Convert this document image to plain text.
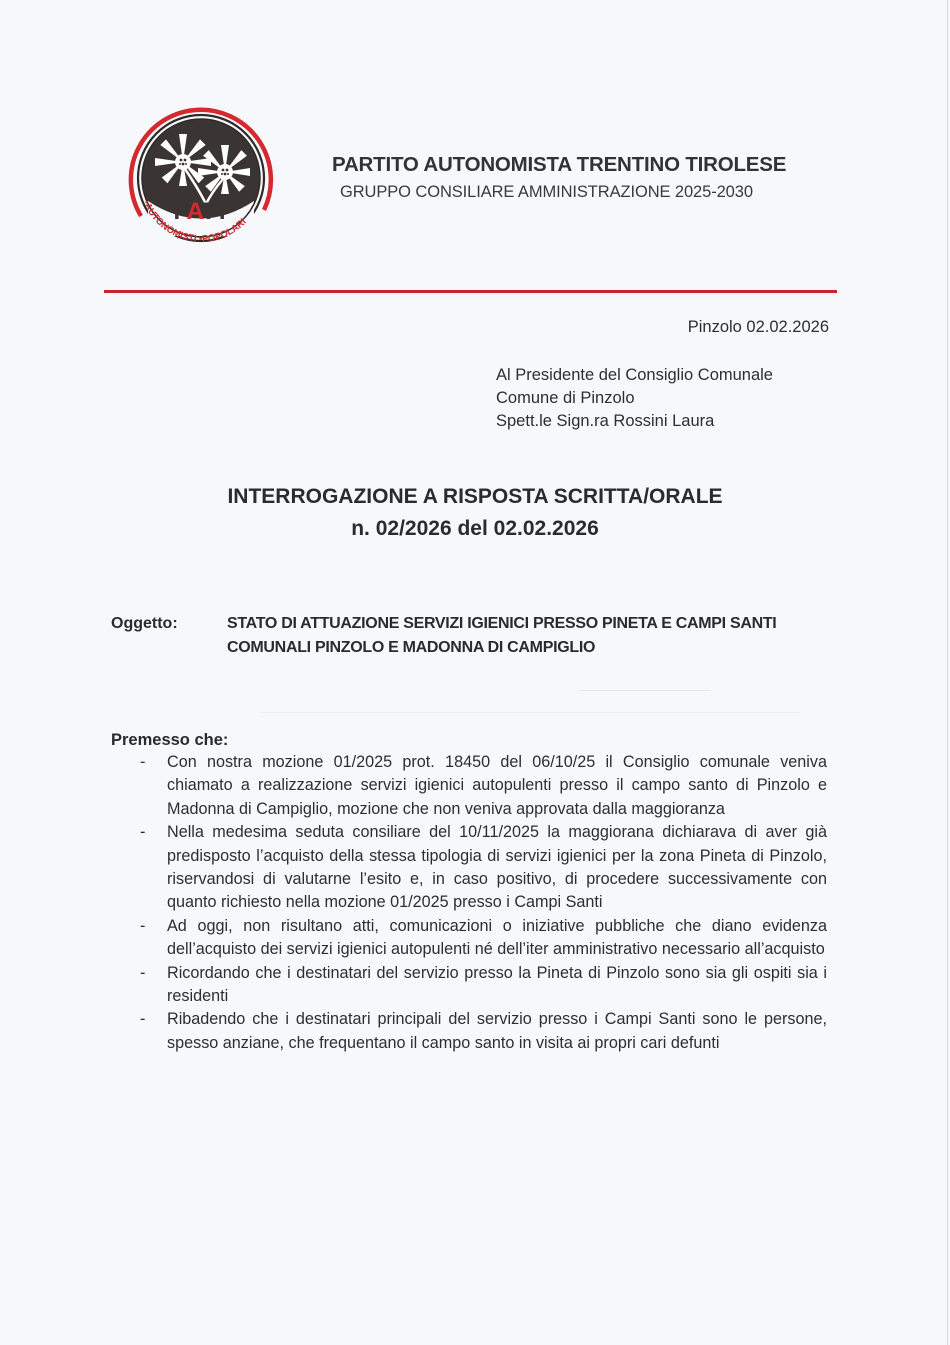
PATT
•AUTONOMISTI •POPOLARI

PARTITO AUTONOMISTA TRENTINO TIROLESE

GRUPPO CONSILIARE AMMINISTRAZIONE 2025-2030

Pinzolo 02.02.2026
Al Presidente del Consiglio Comunale
Comune di Pinzolo
Spett.le Sign.ra Rossini Laura
INTERROGAZIONE A RISPOSTA SCRITTA/ORALE
n. 02/2026 del 02.02.2026
Oggetto:	STATO DI ATTUAZIONE SERVIZI IGIENICI PRESSO PINETA E CAMPI SANTI COMUNALI PINZOLO E MADONNA DI CAMPIGLIO

Premesso che:

- Con nostra mozione 01/2025 prot. 18450 del 06/10/25 il Consiglio comunale veniva chiamato a realizzazione servizi igienici autopulenti presso il campo santo di Pinzolo e Madonna di Campiglio, mozione che non veniva approvata dalla maggioranza
- Nella medesima seduta consiliare del 10/11/2025 la maggiorana dichiarava di aver già predisposto l’acquisto della stessa tipologia di servizi igienici per la zona Pineta di Pinzolo, riservandosi di valutarne l’esito e, in caso positivo, di procedere successivamente con quanto richiesto nella mozione 01/2025 presso i Campi Santi
- Ad oggi, non risultano atti, comunicazioni o iniziative pubbliche che diano evidenza dell’acquisto dei servizi igienici autopulenti né dell’iter amministrativo necessario all’acquisto
- Ricordando che i destinatari del servizio presso la Pineta di Pinzolo sono sia gli ospiti sia i residenti
- Ribadendo che i destinatari principali del servizio presso i Campi Santi sono le persone, spesso anziane, che frequentano il campo santo in visita ai propri cari defunti
